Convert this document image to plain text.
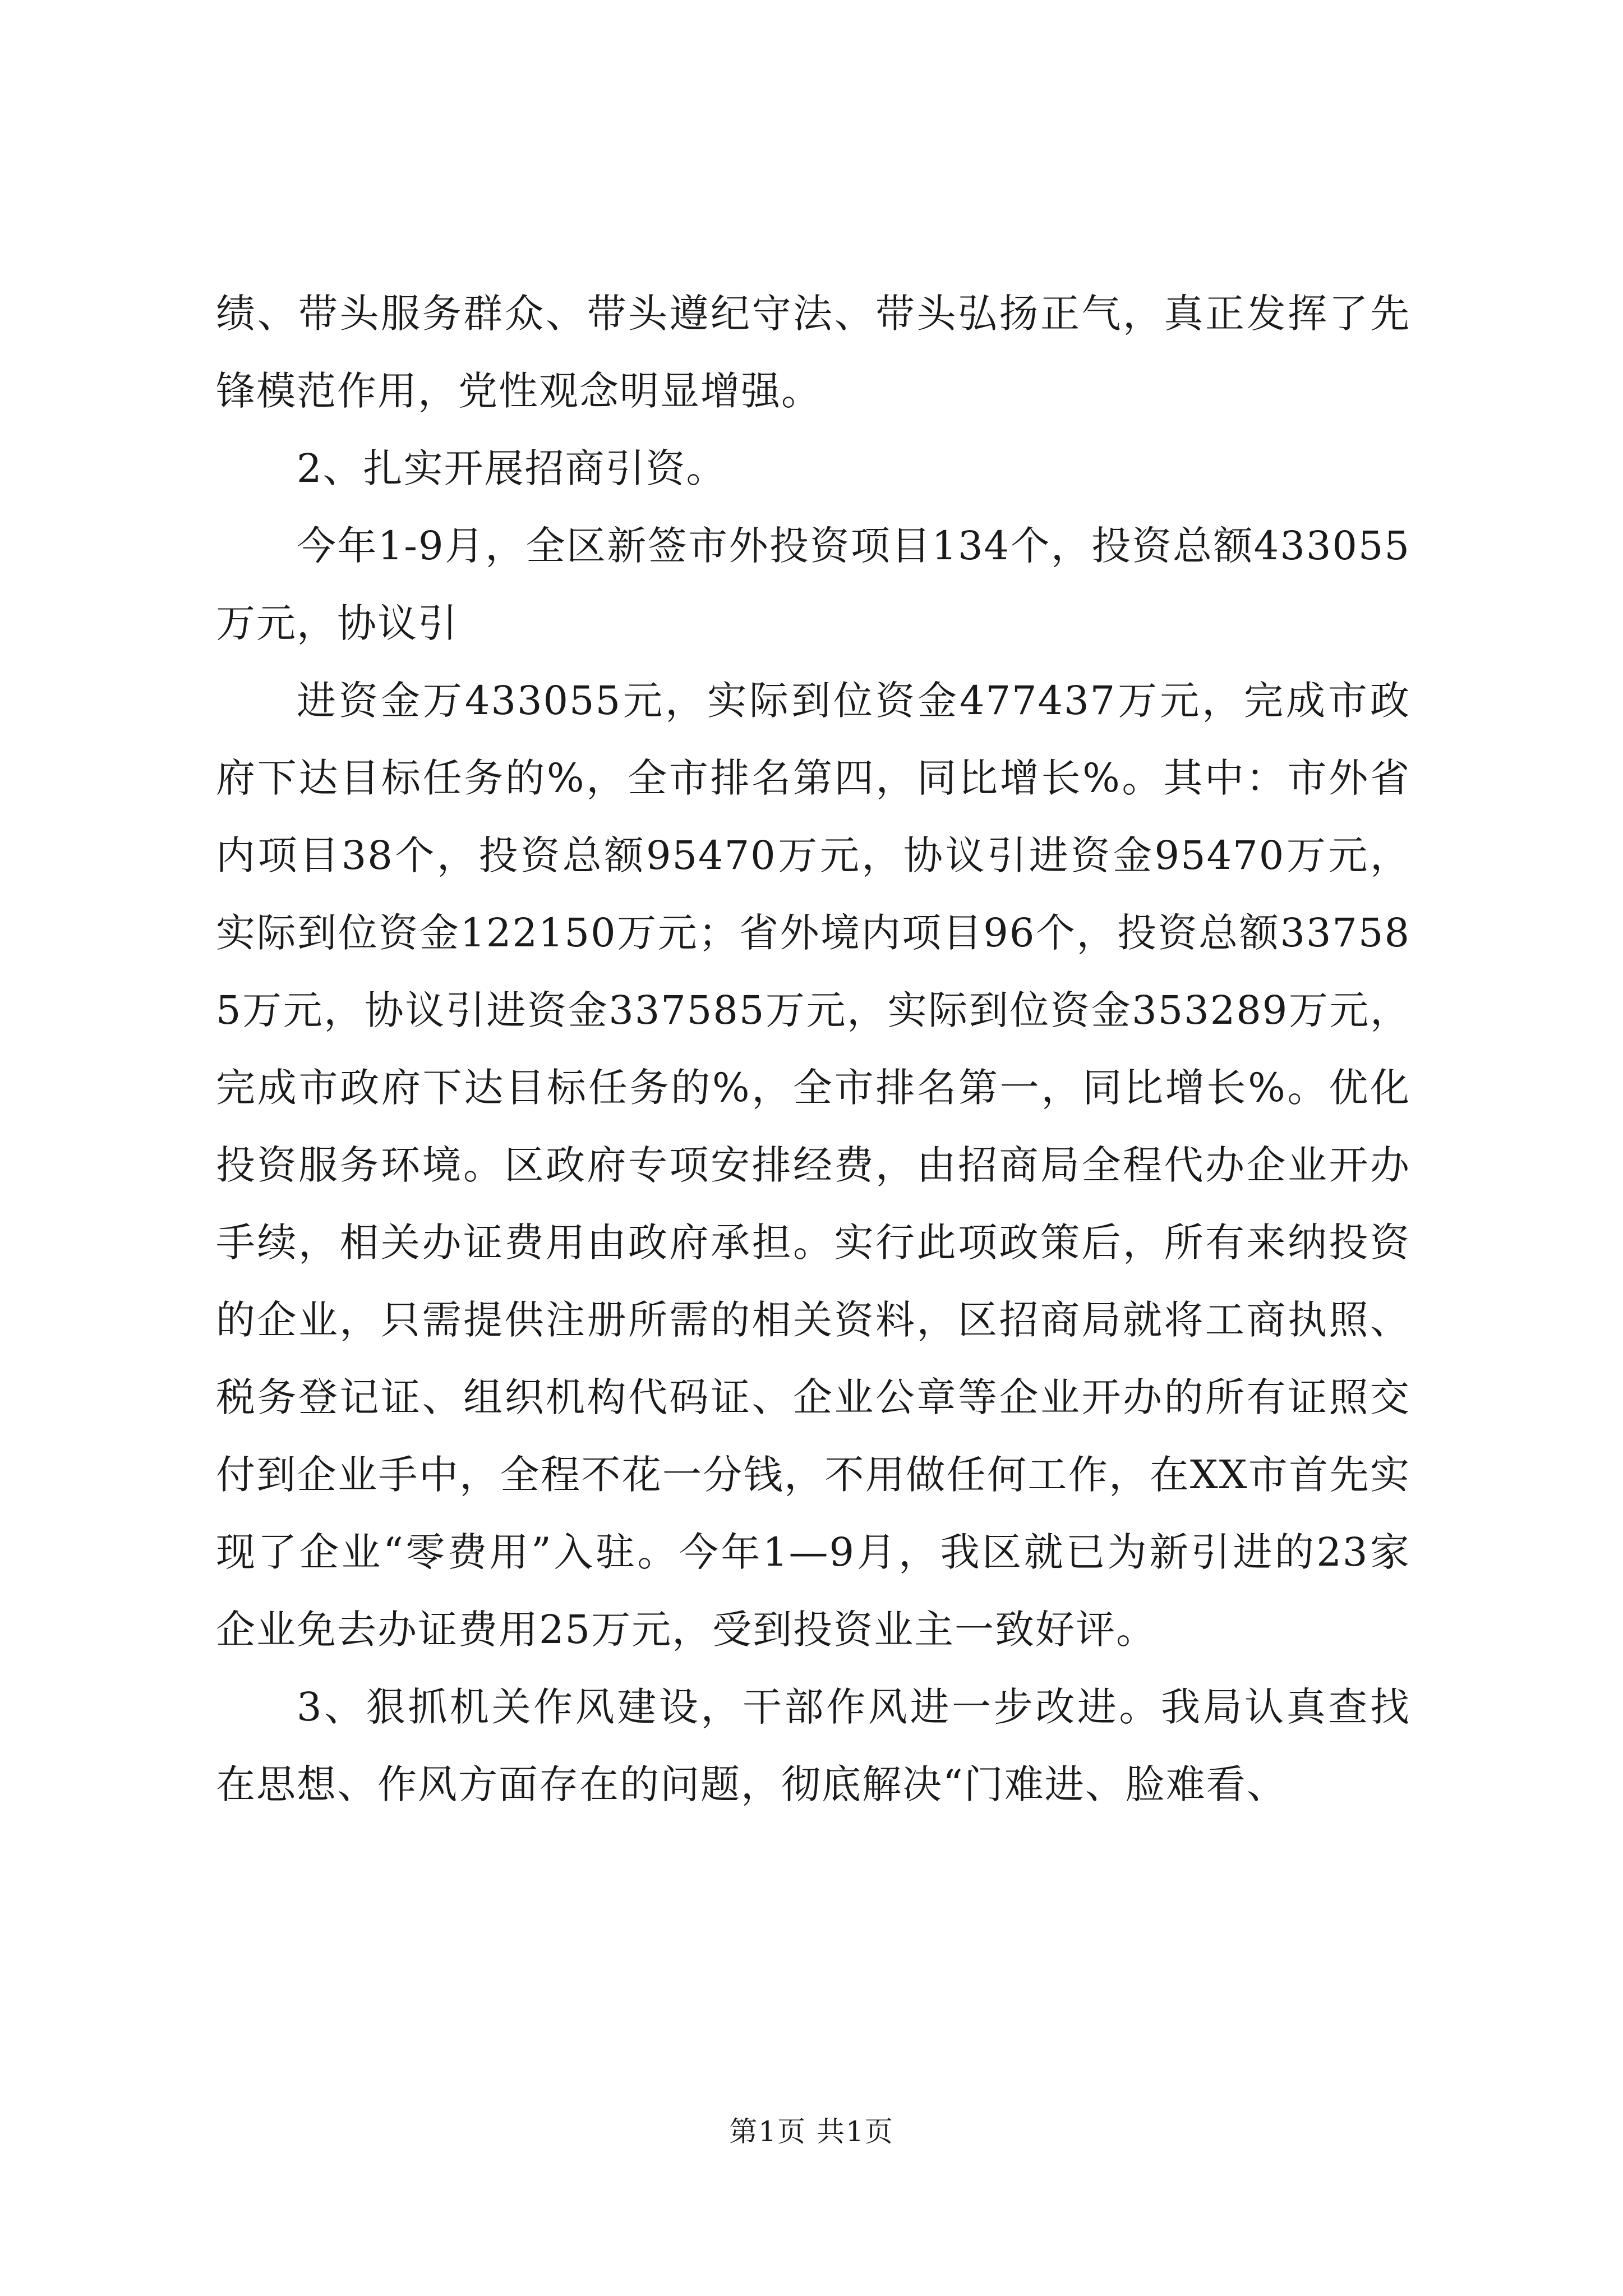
绩、带头服务群众、带头遵纪守法、带头弘扬正气，真正发挥了先锋模范作用，党性观念明显增强。

2、扎实开展招商引资。

今年1-9月，全区新签市外投资项目134个，投资总额433055万元，协议引

进资金万433055元，实际到位资金477437万元，完成市政府下达目标任务的%，全市排名第四，同比增长%。其中：市外省内项目38个，投资总额95470万元，协议引进资金95470万元，实际到位资金122150万元；省外境内项目96个，投资总额337585万元，协议引进资金337585万元，实际到位资金353289万元，完成市政府下达目标任务的%，全市排名第一，同比增长%。优化投资服务环境。区政府专项安排经费，由招商局全程代办企业开办手续，相关办证费用由政府承担。实行此项政策后，所有来纳投资的企业，只需提供注册所需的相关资料，区招商局就将工商执照、税务登记证、组织机构代码证、企业公章等企业开办的所有证照交付到企业手中，全程不花一分钱，不用做任何工作，在XX市首先实现了企业“零费用”入驻。今年1—9月，我区就已为新引进的23家企业免去办证费用25万元，受到投资业主一致好评。

3、狠抓机关作风建设，干部作风进一步改进。我局认真查找在思想、作风方面存在的问题，彻底解决“门难进、脸难看、

第1页 共1页
